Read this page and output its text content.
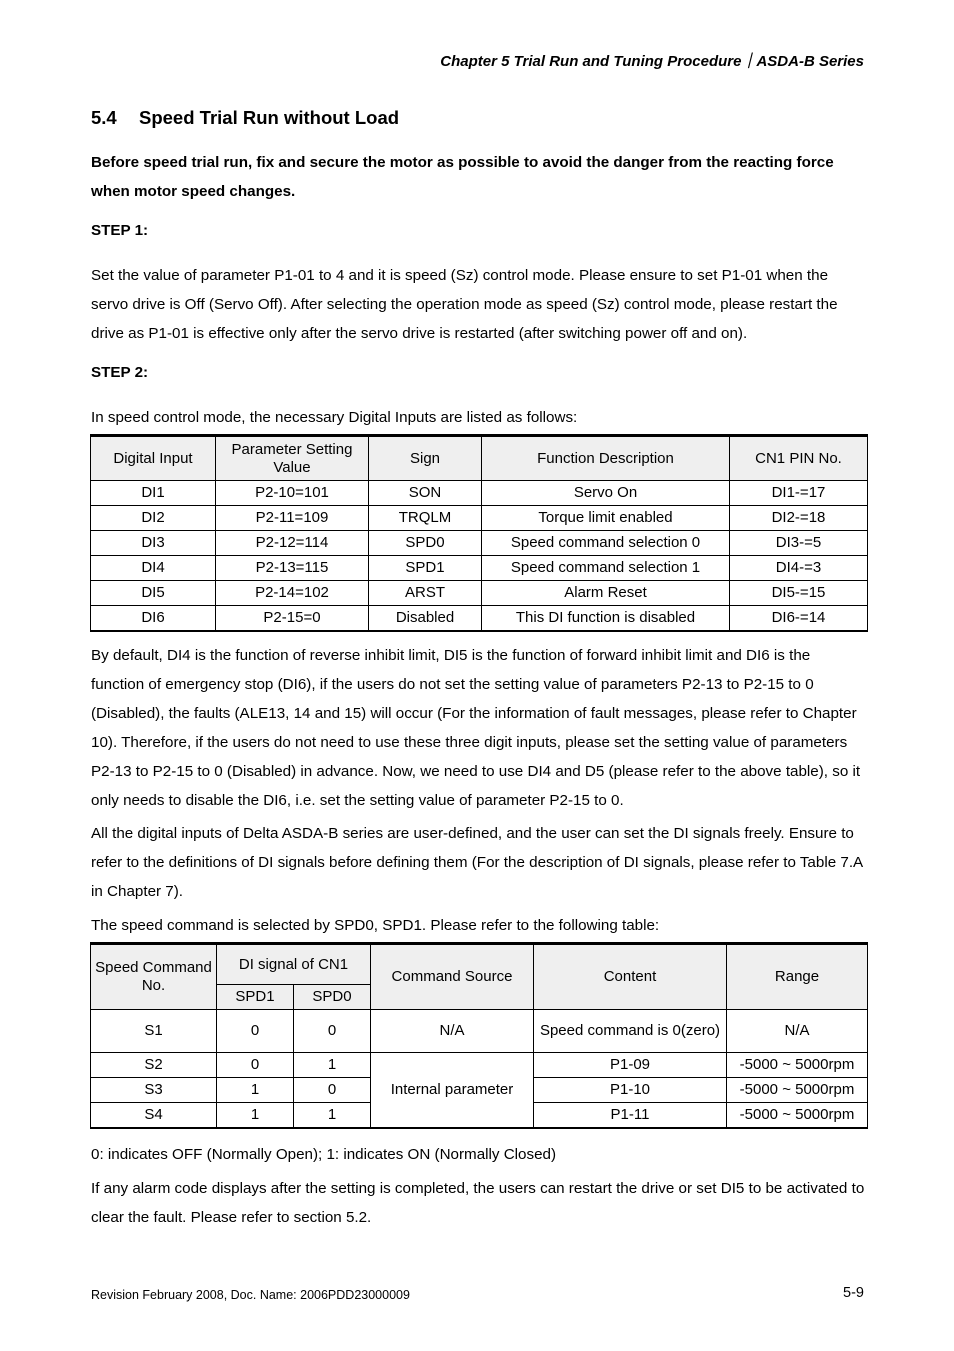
Chapter 5 Trial Run and Tuning Procedure｜ASDA-B Series
5.4 Speed Trial Run without Load
Before speed trial run, fix and secure the motor as possible to avoid the danger from the reacting force when motor speed changes.
STEP 1:
Set the value of parameter P1-01 to 4 and it is speed (Sz) control mode. Please ensure to set P1-01 when the servo drive is Off (Servo Off). After selecting the operation mode as speed (Sz) control mode, please restart the drive as P1-01 is effective only after the servo drive is restarted (after switching power off and on).
STEP 2:
In speed control mode, the necessary Digital Inputs are listed as follows:
Digital Input	Parameter Setting Value	Sign	Function Description	CN1 PIN No.
DI1	P2-10=101	SON	Servo On	DI1-=17
DI2	P2-11=109	TRQLM	Torque limit enabled	DI2-=18
DI3	P2-12=114	SPD0	Speed command selection 0	DI3-=5
DI4	P2-13=115	SPD1	Speed command selection 1	DI4-=3
DI5	P2-14=102	ARST	Alarm Reset	DI5-=15
DI6	P2-15=0	Disabled	This DI function is disabled	DI6-=14
By default, DI4 is the function of reverse inhibit limit, DI5 is the function of forward inhibit limit and DI6 is the function of emergency stop (DI6), if the users do not set the setting value of parameters P2-13 to P2-15 to 0 (Disabled), the faults (ALE13, 14 and 15) will occur (For the information of fault messages, please refer to Chapter 10). Therefore, if the users do not need to use these three digit inputs, please set the setting value of parameters P2-13 to P2-15 to 0 (Disabled) in advance. Now, we need to use DI4 and D5 (please refer to the above table), so it only needs to disable the DI6, i.e. set the setting value of parameter P2-15 to 0.
All the digital inputs of Delta ASDA-B series are user-defined, and the user can set the DI signals freely. Ensure to refer to the definitions of DI signals before defining them (For the description of DI signals, please refer to Table 7.A in Chapter 7).
The speed command is selected by SPD0, SPD1. Please refer to the following table:
Speed Command No.	DI signal of CN1		Command Source	Content	Range
	SPD1	SPD0			
S1	0	0	N/A	Speed command is 0(zero)	N/A
S2	0	1	Internal parameter	P1-09	-5000 ~ 5000rpm
S3	1	0		P1-10	-5000 ~ 5000rpm
S4	1	1		P1-11	-5000 ~ 5000rpm
0: indicates OFF (Normally Open); 1: indicates ON (Normally Closed)
If any alarm code displays after the setting is completed, the users can restart the drive or set DI5 to be activated to clear the fault. Please refer to section 5.2.
Revision February 2008, Doc. Name: 2006PDD23000009	5-9
